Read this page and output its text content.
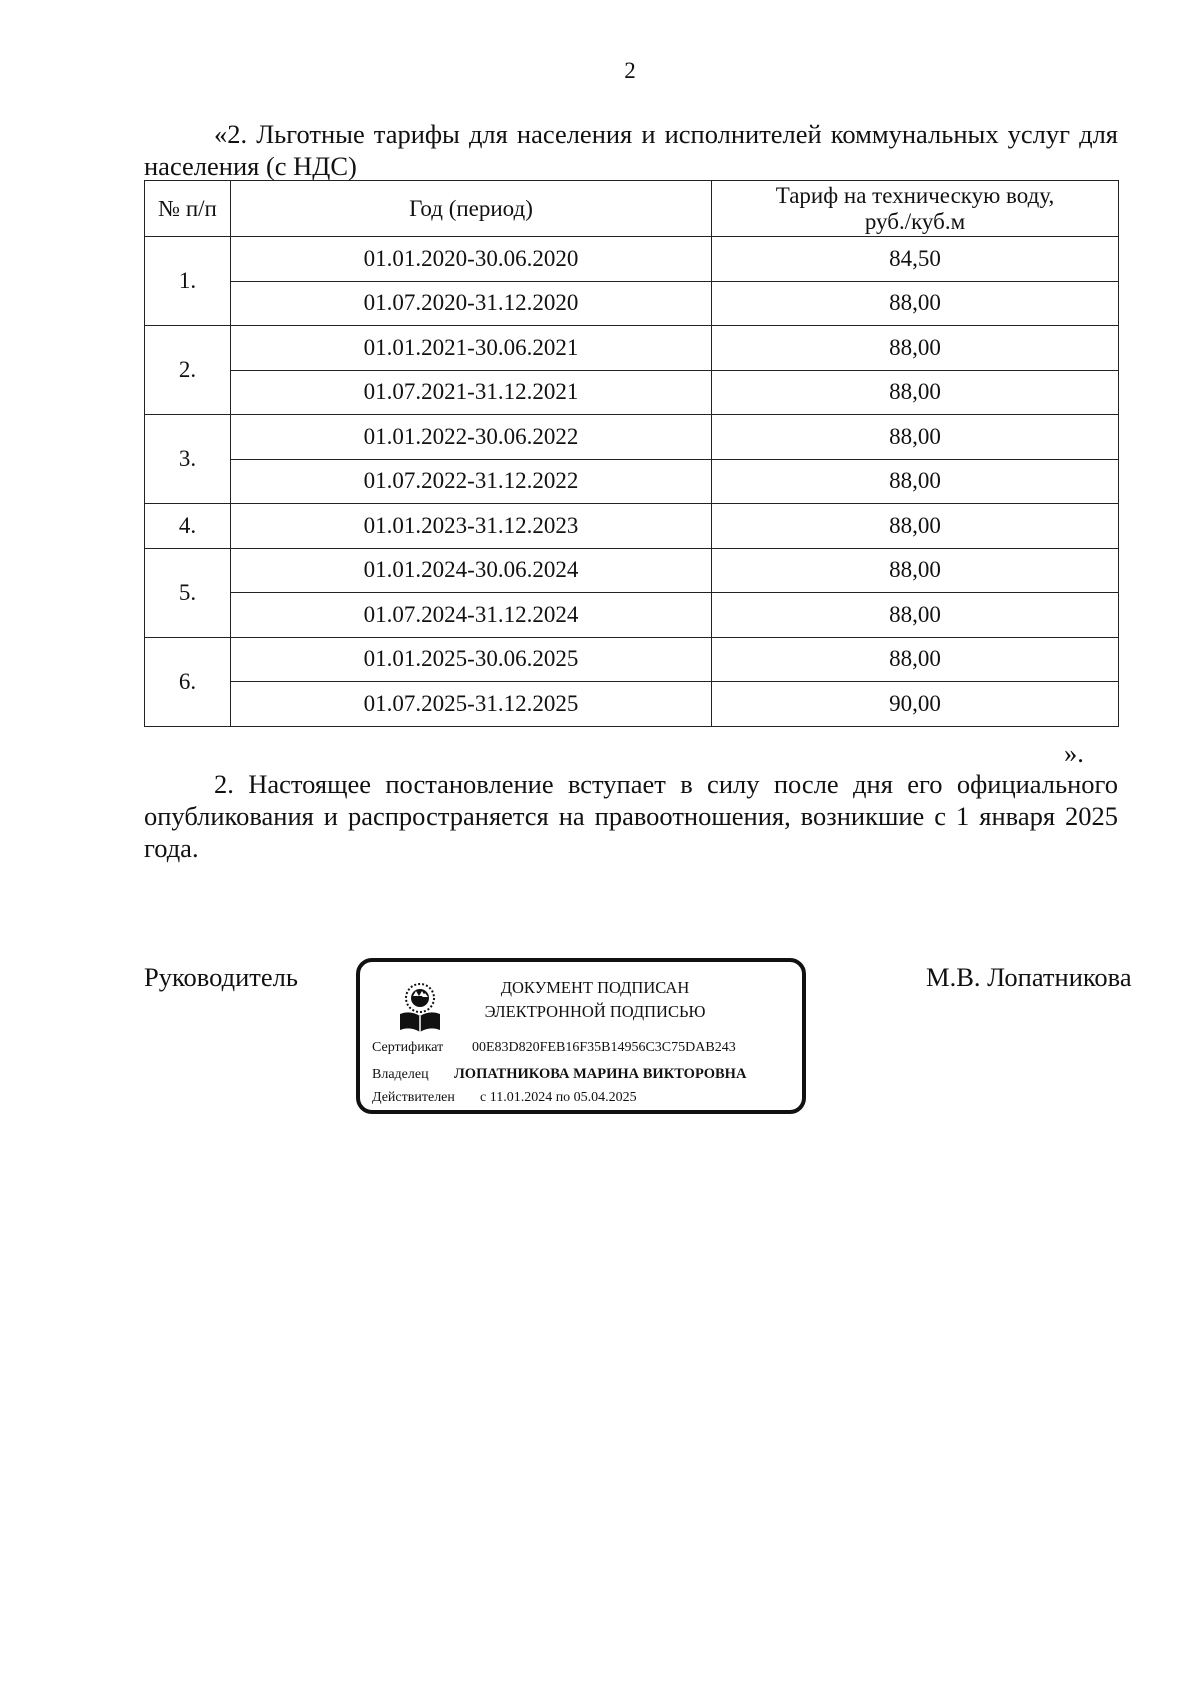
2
«2. Льготные тарифы для населения и исполнителей коммунальных услуг для населения (с НДС)
№ п/п	Год (период)	Тариф на техническую воду,
руб./куб.м
1.	01.01.2020-30.06.2020	84,50
	01.07.2020-31.12.2020	88,00
2.	01.01.2021-30.06.2021	88,00
	01.07.2021-31.12.2021	88,00
3.	01.01.2022-30.06.2022	88,00
	01.07.2022-31.12.2022	88,00
4.	01.01.2023-31.12.2023	88,00
5.	01.01.2024-30.06.2024	88,00
	01.07.2024-31.12.2024	88,00
6.	01.01.2025-30.06.2025	88,00
	01.07.2025-31.12.2025	90,00
».
2. Настоящее постановление вступает в силу после дня его официального опубликования и распространяется на правоотношения, возникшие с 1 января 2025 года.
Руководитель	ДОКУМЕНТ ПОДПИСАН
ЭЛЕКТРОННОЙ ПОДПИСЬЮ
Сертификат 00E83D820FEB16F35B14956C3C75DAB243
Владелец ЛОПАТНИКОВА МАРИНА ВИКТОРОВНА
Действителен с 11.01.2024 по 05.04.2025
М.В. Лопатникова
